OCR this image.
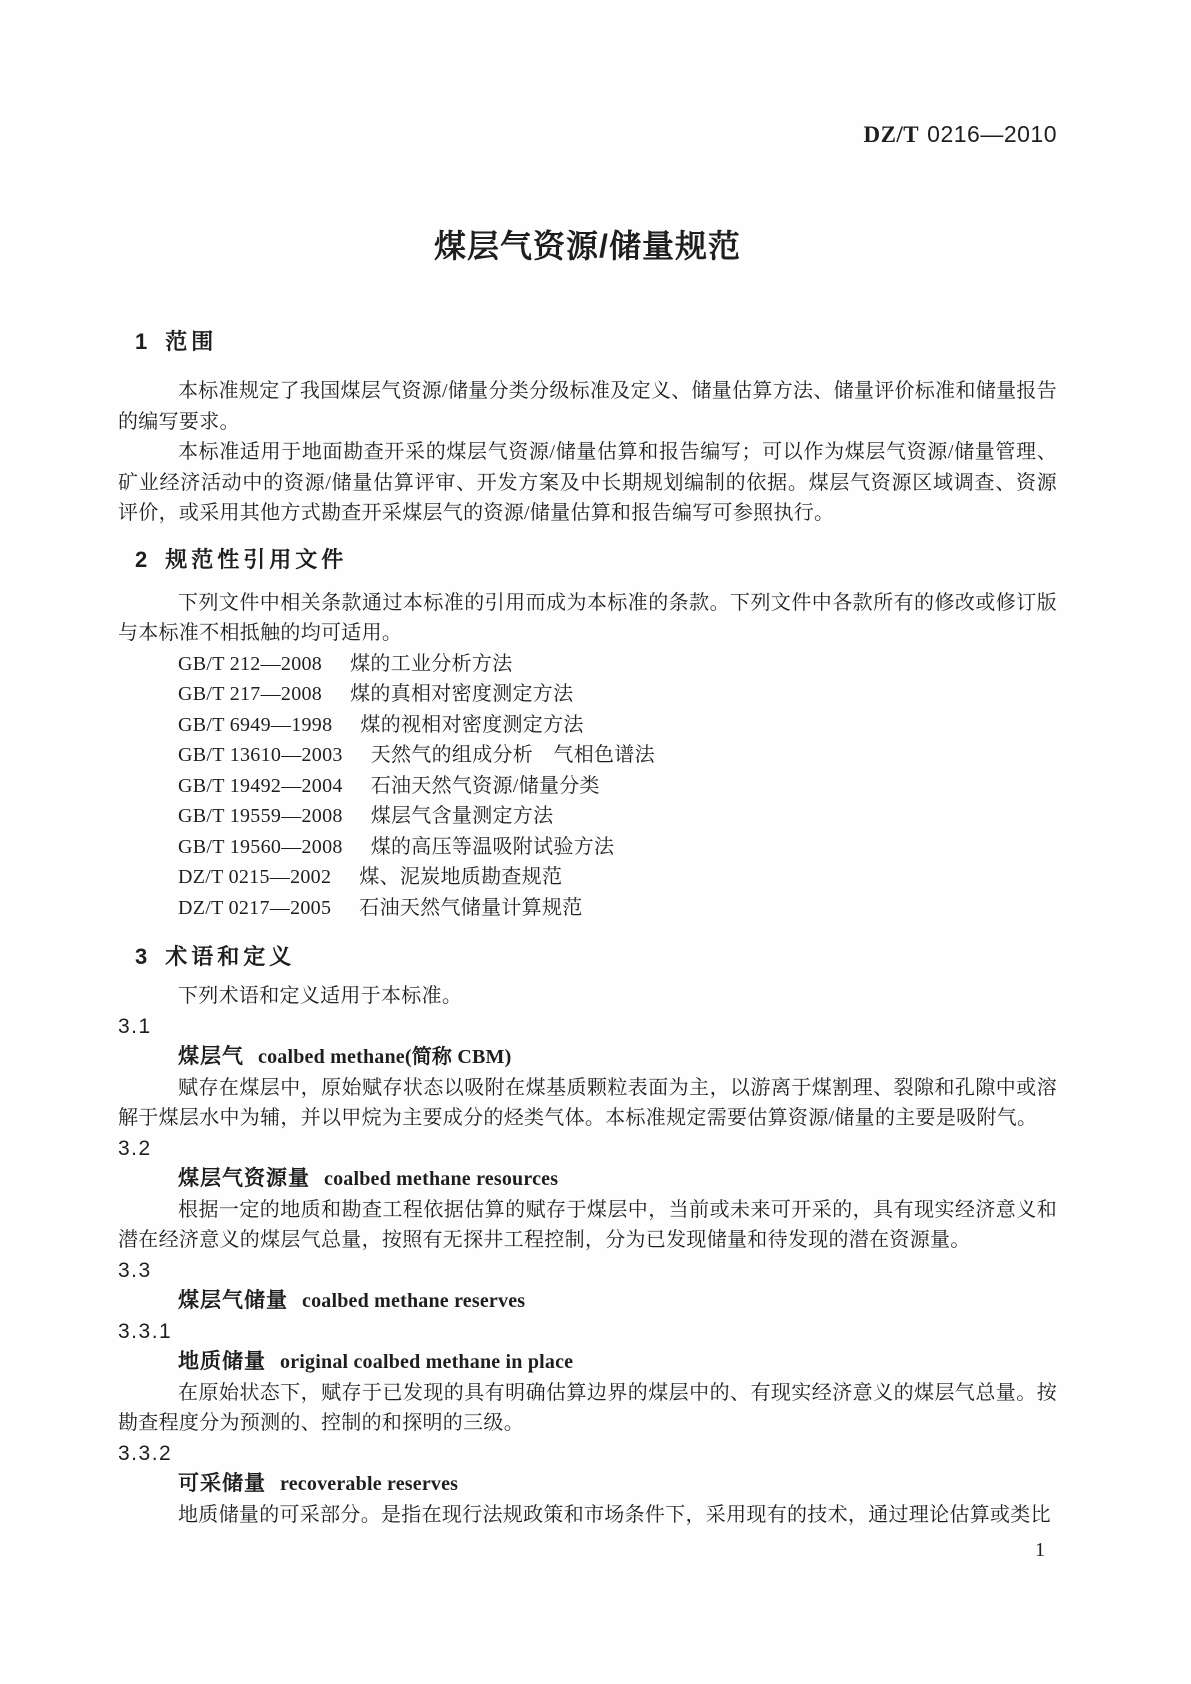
DZ/T 0216—2010
煤层气资源/储量规范
1 范围

本标准规定了我国煤层气资源/储量分类分级标准及定义、储量估算方法、储量评价标准和储量报告的编写要求。

本标准适用于地面勘查开采的煤层气资源/储量估算和报告编写；可以作为煤层气资源/储量管理、矿业经济活动中的资源/储量估算评审、开发方案及中长期规划编制的依据。煤层气资源区域调查、资源评价，或采用其他方式勘查开采煤层气的资源/储量估算和报告编写可参照执行。

2 规范性引用文件

下列文件中相关条款通过本标准的引用而成为本标准的条款。下列文件中各款所有的修改或修订版与本标准不相抵触的均可适用。

GB/T 212—2008 煤的工业分析方法
GB/T 217—2008 煤的真相对密度测定方法
GB/T 6949—1998 煤的视相对密度测定方法
GB/T 13610—2003 天然气的组成分析　气相色谱法
GB/T 19492—2004 石油天然气资源/储量分类
GB/T 19559—2008 煤层气含量测定方法
GB/T 19560—2008 煤的高压等温吸附试验方法
DZ/T 0215—2002 煤、泥炭地质勘查规范
DZ/T 0217—2005 石油天然气储量计算规范
3 术语和定义

下列术语和定义适用于本标准。

3.1
煤层气 coalbed methane(简称 CBM)

赋存在煤层中，原始赋存状态以吸附在煤基质颗粒表面为主，以游离于煤割理、裂隙和孔隙中或溶解于煤层水中为辅，并以甲烷为主要成分的烃类气体。本标准规定需要估算资源/储量的主要是吸附气。

3.2
煤层气资源量 coalbed methane resources

根据一定的地质和勘查工程依据估算的赋存于煤层中，当前或未来可开采的，具有现实经济意义和潜在经济意义的煤层气总量，按照有无探井工程控制，分为已发现储量和待发现的潜在资源量。

3.3
煤层气储量 coalbed methane reserves
3.3.1
地质储量 original coalbed methane in place

在原始状态下，赋存于已发现的具有明确估算边界的煤层中的、有现实经济意义的煤层气总量。按勘查程度分为预测的、控制的和探明的三级。

3.3.2
可采储量 recoverable reserves

地质储量的可采部分。是指在现行法规政策和市场条件下，采用现有的技术，通过理论估算或类比

1
